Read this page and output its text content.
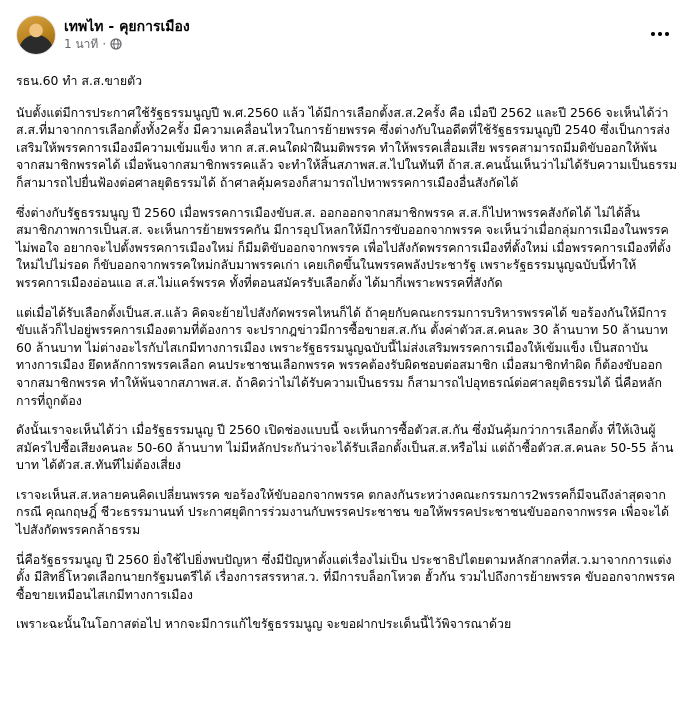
เทพไท - คุยการเมือง
1 นาที ·

รธน.60 ทำ ส.ส.ขายตัว

นับตั้งแต่มีการประกาศใช้รัฐธรรมนูญปี พ.ศ.2560 แล้ว ได้มีการเลือกตั้งส.ส.2ครั้ง คือ เมื่อปี 2562 และปี 2566 จะเห็นได้ว่าส.ส.ที่มาจากการเลือกตั้งทั้ง2ครั้ง มีความเคลื่อนไหวในการย้ายพรรค ซึ่งต่างกับในอดีตที่ใช้รัฐธรรมนูญปี 2540 ซึ่งเป็นการส่งเสริมให้พรรคการเมืองมีความเข้มแข็ง หาก ส.ส.คนใดฝ่าฝืนมติพรรค ทำให้พรรคเสื่อมเสีย พรรคสามารถมีมติขับออกให้พ้นจากสมาชิกพรรคได้ เมื่อพ้นจากสมาชิกพรรคแล้ว จะทำให้สิ้นสภาพส.ส.ไปในทันที ถ้าส.ส.คนนั้นเห็นว่าไม่ได้รับความเป็นธรรม ก็สามารถไปยื่นฟ้องต่อศาลยุติธรรมได้ ถ้าศาลคุ้มครองก็สามารถไปหาพรรคการเมืองอื่นสังกัดได้

ซึ่งต่างกับรัฐธรรมนูญ ปี 2560 เมื่อพรรคการเมืองขับส.ส. ออกออกจากสมาชิกพรรค ส.ส.ก็ไปหาพรรคสังกัดได้ ไม่ได้สิ้นสมาชิกภาพการเป็นส.ส. จะเห็นการย้ายพรรคกัน มีการอุปโหลกให้มีการขับออกจากพรรค จะเห็นว่าเมื่อกลุ่มการเมืองในพรรคไม่พอใจ อยากจะไปตั้งพรรคการเมืองใหม่ ก็มีมติขับออกจากพรรค เพื่อไปสังกัดพรรคการเมืองที่ตั้งใหม่ เมื่อพรรคการเมืองที่ตั้งใหม่ไปไม่รอด ก็ขับออกจากพรรคใหม่กลับมาพรรคเก่า เคยเกิดขึ้นในพรรคพลังประชารัฐ เพราะรัฐธรรมนูญฉบับนี้ทำให้พรรคการเมืองอ่อนแอ ส.ส.ไม่แคร์พรรค ทั้งที่ตอนสมัครรับเลือกตั้ง ได้มากี่เพราะพรรคที่สังกัด

แต่เมื่อได้รับเลือกตั้งเป็นส.ส.แล้ว คิดจะย้ายไปสังกัดพรรคไหนก็ได้ ถ้าคุยกับคณะกรรมการบริหารพรรคได้ ขอร้องกันให้มีการขับแล้วก็ไปอยู่พรรคการเมืองตามที่ต้องการ จะปรากฎข่าวมีการซื้อขายส.ส.กัน ตั้งค่าตัวส.ส.คนละ 30 ล้านบาท 50 ล้านบาท 60 ล้านบาท ไม่ต่างอะไรกับไสเกมีทางการเมือง เพราะรัฐธรรมนูญฉบับนี้ไม่ส่งเสริมพรรคการเมืองให้เข้มแข็ง เป็นสถาบันทางการเมือง ยึดหลักการพรรคเลือก คนประชาชนเลือกพรรค พรรคต้องรับผิดชอบต่อสมาชิก เมื่อสมาชิกทำผิด ก็ต้องขับออกจากสมาชิกพรรค ทำให้พ้นจากสภาพส.ส. ถ้าคิดว่าไม่ได้รับความเป็นธรรม ก็สามารถไปอุทธรณ์ต่อศาลยุติธรรมได้ นี่คือหลักการที่ถูกต้อง

ดังนั้นเราจะเห็นได้ว่า เมื่อรัฐธรรมนูญ ปี 2560 เปิดช่องแบบนี้ จะเห็นการซื้อตัวส.ส.กัน ซึ่งมันคุ้มกว่าการเลือกตั้ง ที่ให้เงินผู้สมัครไปซื้อเสียงคนละ 50-60 ล้านบาท ไม่มีหลักประกันว่าจะได้รับเลือกตั้งเป็นส.ส.หรือไม่ แต่ถ้าซื้อตัวส.ส.คนละ 50-55 ล้านบาท ได้ตัวส.ส.ทันทีไม่ต้องเสี่ยง

เราจะเห็นส.ส.หลายคนคิดเปลี่ยนพรรค ขอร้องให้ขับออกจากพรรค ตกลงกันระหว่างคณะกรรมการ2พรรคก็มีจนถึงล่าสุดจากกรณี คุณกฤษฎิ์ ชีวะธรรมานนท์ ประกาศยุติการร่วมงานกับพรรคประชาชน ขอให้พรรคประชาชนขับออกจากพรรค เพื่อจะได้ไปสังกัดพรรคกล้าธรรม

นี่คือรัฐธรรมนูญ ปี 2560 ยิ่งใช้ไปยิ่งพบปัญหา ซึ่งมีปัญหาตั้งแต่เรื่องไม่เป็น ประชาธิปไตยตามหลักสากลที่ส.ว.มาจากการแต่งตั้ง มีสิทธิ์โหวตเลือกนายกรัฐมนตรีได้ เรื่องการสรรหาส.ว. ที่มีการบล็อกโหวต ฮั้วกัน รวมไปถึงการย้ายพรรค ขับออกจากพรรค ซื้อขายเหมือนไสเกมีทางการเมือง

เพราะฉะนั้นในโอกาสต่อไป หากจะมีการแก้ไขรัฐธรรมนูญ จะขอฝากประเด็นนี้ไว้พิจารณาด้วย
